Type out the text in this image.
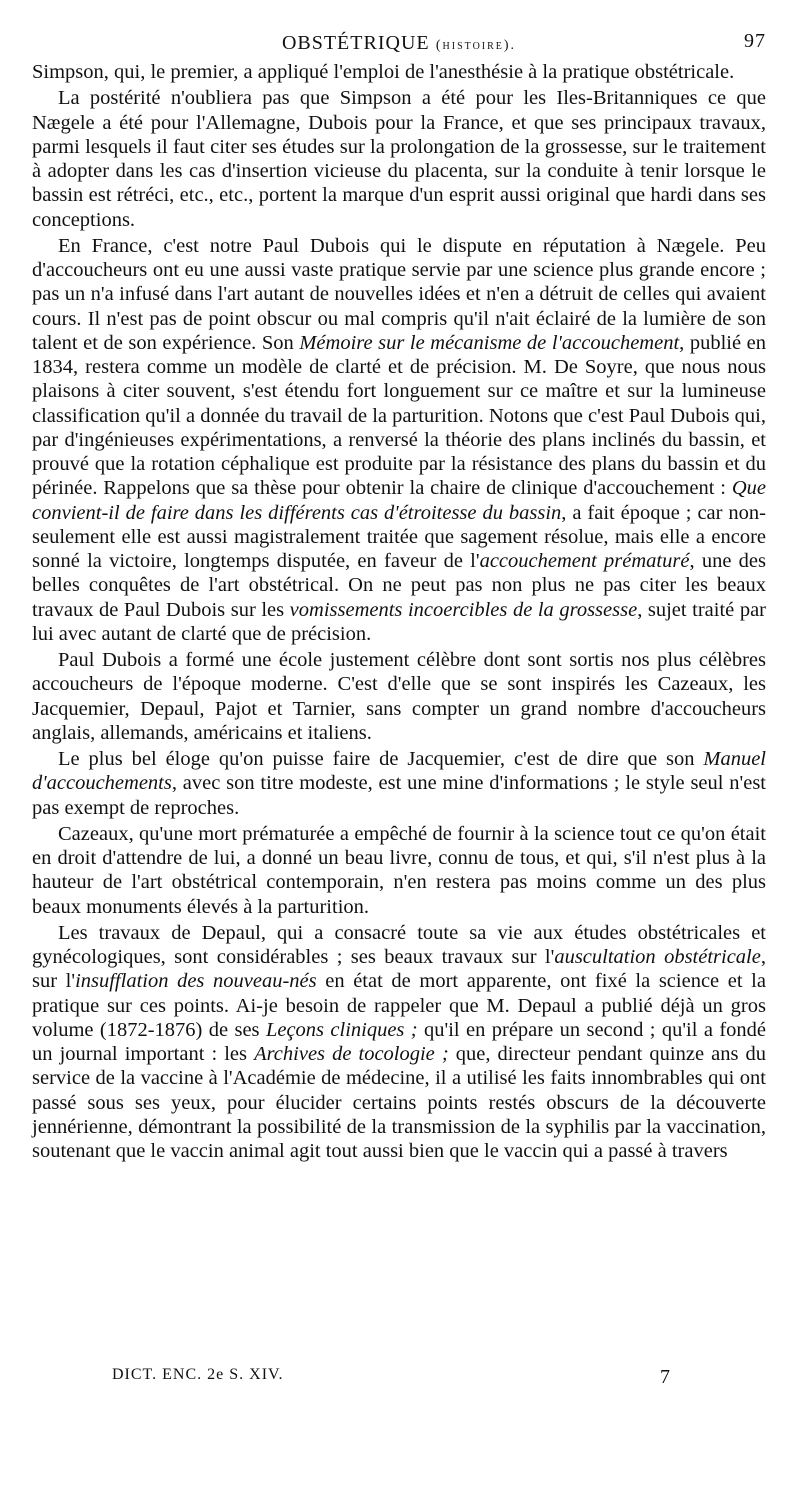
OBSTÉTRIQUE (histoire).	97

Simpson, qui, le premier, a appliqué l'emploi de l'anesthésie à la pratique obstétricale.

La postérité n'oubliera pas que Simpson a été pour les Iles-Britanniques ce que Nægele a été pour l'Allemagne, Dubois pour la France, et que ses principaux travaux, parmi lesquels il faut citer ses études sur la prolongation de la grossesse, sur le traitement à adopter dans les cas d'insertion vicieuse du placenta, sur la conduite à tenir lorsque le bassin est rétréci, etc., etc., portent la marque d'un esprit aussi original que hardi dans ses conceptions.

En France, c'est notre Paul Dubois qui le dispute en réputation à Nægele. Peu d'accoucheurs ont eu une aussi vaste pratique servie par une science plus grande encore ; pas un n'a infusé dans l'art autant de nouvelles idées et n'en a détruit de celles qui avaient cours. Il n'est pas de point obscur ou mal compris qu'il n'ait éclairé de la lumière de son talent et de son expérience. Son Mémoire sur le mécanisme de l'accouchement, publié en 1834, restera comme un modèle de clarté et de précision. M. De Soyre, que nous nous plaisons à citer souvent, s'est étendu fort longuement sur ce maître et sur la lumineuse classification qu'il a donnée du travail de la parturition. Notons que c'est Paul Dubois qui, par d'ingénieuses expérimentations, a renversé la théorie des plans inclinés du bassin, et prouvé que la rotation céphalique est produite par la résistance des plans du bassin et du périnée. Rappelons que sa thèse pour obtenir la chaire de clinique d'accouchement : Que convient-il de faire dans les différents cas d'étroitesse du bassin, a fait époque ; car non-seulement elle est aussi magistralement traitée que sagement résolue, mais elle a encore sonné la victoire, longtemps disputée, en faveur de l'accouchement prématuré, une des belles conquêtes de l'art obstétrical. On ne peut pas non plus ne pas citer les beaux travaux de Paul Dubois sur les vomissements incoercibles de la grossesse, sujet traité par lui avec autant de clarté que de précision.

Paul Dubois a formé une école justement célèbre dont sont sortis nos plus célèbres accoucheurs de l'époque moderne. C'est d'elle que se sont inspirés les Cazeaux, les Jacquemier, Depaul, Pajot et Tarnier, sans compter un grand nombre d'accoucheurs anglais, allemands, américains et italiens.

Le plus bel éloge qu'on puisse faire de Jacquemier, c'est de dire que son Manuel d'accouchements, avec son titre modeste, est une mine d'informations ; le style seul n'est pas exempt de reproches.

Cazeaux, qu'une mort prématurée a empêché de fournir à la science tout ce qu'on était en droit d'attendre de lui, a donné un beau livre, connu de tous, et qui, s'il n'est plus à la hauteur de l'art obstétrical contemporain, n'en restera pas moins comme un des plus beaux monuments élevés à la parturition.

Les travaux de Depaul, qui a consacré toute sa vie aux études obstétricales et gynécologiques, sont considérables ; ses beaux travaux sur l'auscultation obstétricale, sur l'insufflation des nouveau-nés en état de mort apparente, ont fixé la science et la pratique sur ces points. Ai-je besoin de rappeler que M. Depaul a publié déjà un gros volume (1872-1876) de ses Leçons cliniques ; qu'il en prépare un second ; qu'il a fondé un journal important : les Archives de tocologie ; que, directeur pendant quinze ans du service de la vaccine à l'Académie de médecine, il a utilisé les faits innombrables qui ont passé sous ses yeux, pour élucider certains points restés obscurs de la découverte jennérienne, démontrant la possibilité de la transmission de la syphilis par la vaccination, soutenant que le vaccin animal agit tout aussi bien que le vaccin qui a passé à travers

DICT. ENC. 2e S. XIV.	7
